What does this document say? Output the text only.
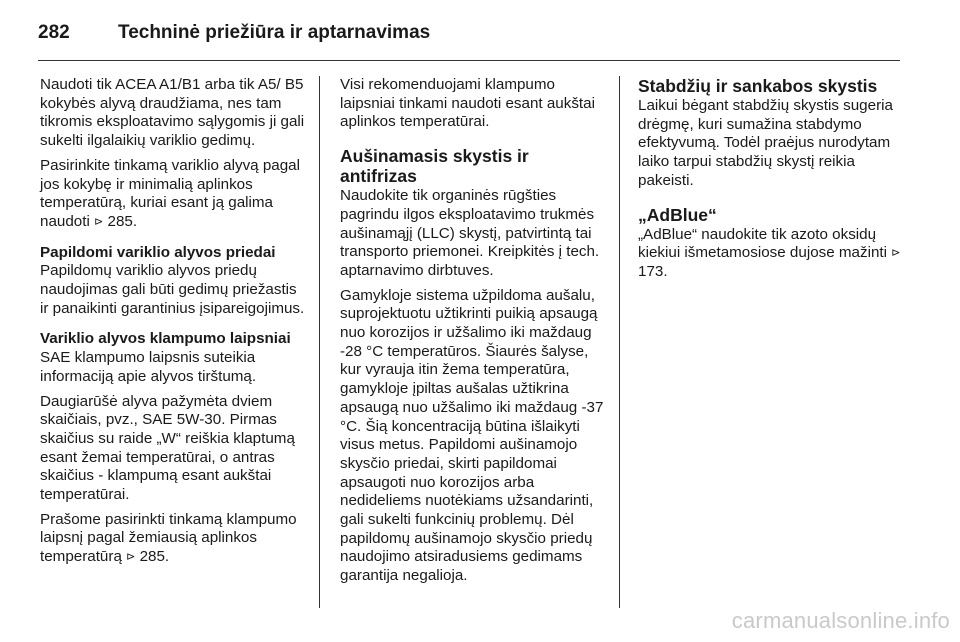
282	Techninė priežiūra ir aptarnavimas

Naudoti tik ACEA A1/B1 arba tik A5/ B5 kokybės alyvą draudžiama, nes tam tikromis eksploatavimo sąlygomis ji gali sukelti ilgalaikių variklio gedimų.

Pasirinkite tinkamą variklio alyvą pagal jos kokybę ir minimalią aplinkos temperatūrą, kuriai esant ją galima naudoti ⊳ 285.

Papildomi variklio alyvos priedai

Papildomų variklio alyvos priedų naudojimas gali būti gedimų priežastis ir panaikinti garantinius įsipareigojimus.

Variklio alyvos klampumo laipsniai

SAE klampumo laipsnis suteikia informaciją apie alyvos tirštumą.

Daugiarūšė alyva pažymėta dviem skaičiais, pvz., SAE 5W-30. Pirmas skaičius su raide „W“ reiškia klaptumą esant žemai temperatūrai, o antras skaičius - klampumą esant aukštai temperatūrai.

Prašome pasirinkti tinkamą klampumo laipsnį pagal žemiausią aplinkos temperatūrą ⊳ 285.

Visi rekomenduojami klampumo laipsniai tinkami naudoti esant aukštai aplinkos temperatūrai.

Aušinamasis skystis ir antifrizas

Naudokite tik organinės rūgšties pagrindu ilgos eksploatavimo trukmės aušinamąjį (LLC) skystį, patvirtintą tai transporto priemonei. Kreipkitės į tech. aptarnavimo dirbtuves.

Gamykloje sistema užpildoma aušalu, suprojektuotu užtikrinti puikią apsaugą nuo korozijos ir užšalimo iki maždaug -28 °C temperatūros. Šiaurės šalyse, kur vyrauja itin žema temperatūra, gamykloje įpiltas aušalas užtikrina apsaugą nuo užšalimo iki maždaug -37 °C. Šią koncentraciją būtina išlaikyti visus metus. Papildomi aušinamojo skysčio priedai, skirti papildomai apsaugoti nuo korozijos arba nedideliems nuotėkiams užsandarinti, gali sukelti funkcinių problemų. Dėl papildomų aušinamojo skysčio priedų naudojimo atsiradusiems gedimams garantija negalioja.

Stabdžių ir sankabos skystis

Laikui bėgant stabdžių skystis sugeria drėgmę, kuri sumažina stabdymo efektyvumą. Todėl praėjus nurodytam laiko tarpui stabdžių skystį reikia pakeisti.

„AdBlue“

„AdBlue“ naudokite tik azoto oksidų kiekiui išmetamosiose dujose mažinti ⊳ 173.

carmanualsonline.info
